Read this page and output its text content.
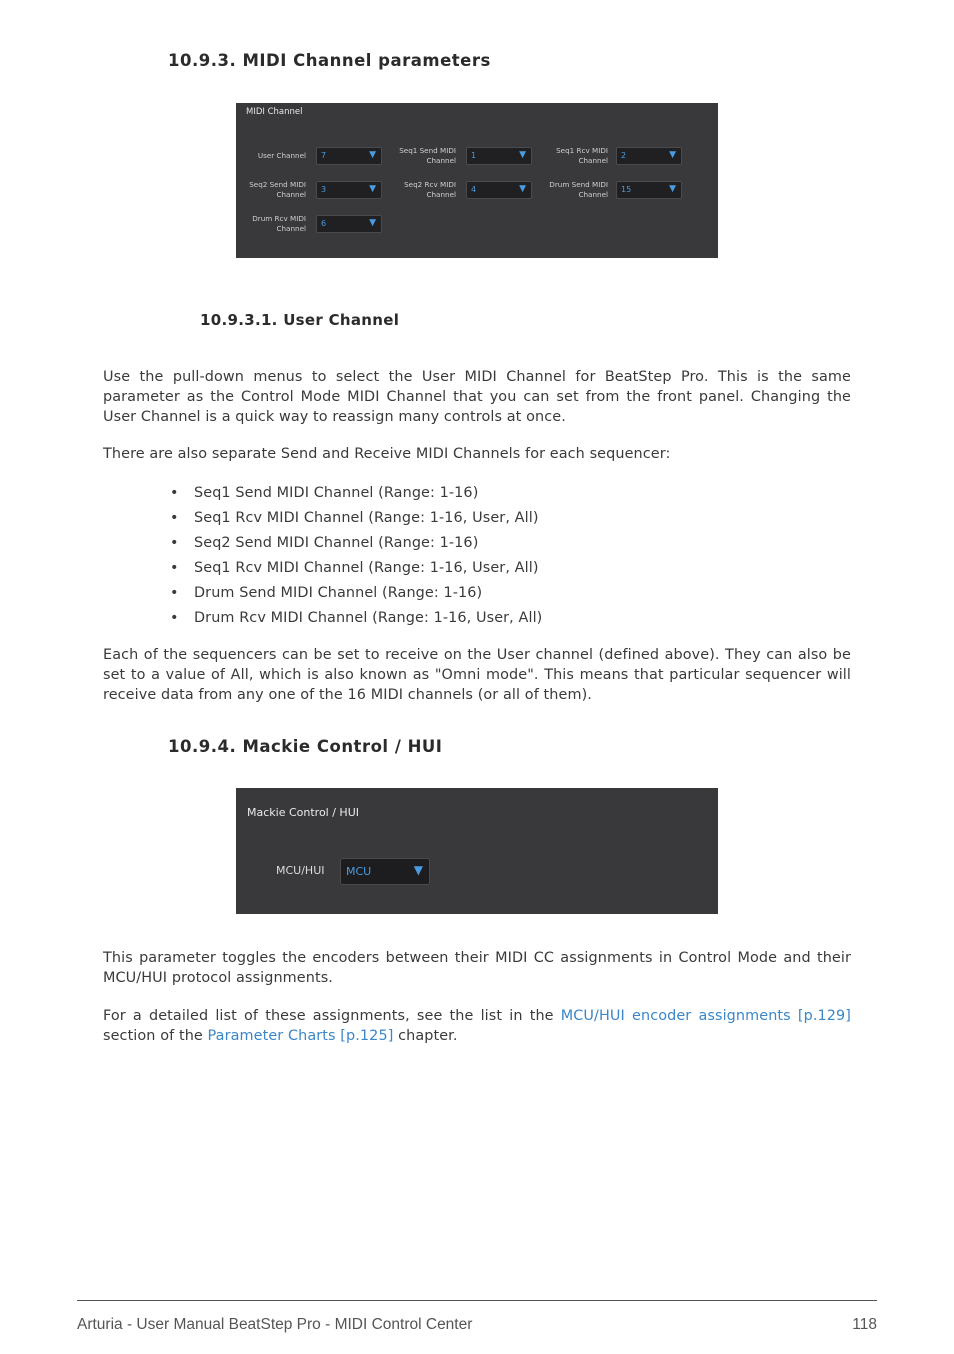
10.9.3. MIDI Channel parameters
MIDI Channel
User Channel 7	▼	Seq1 Send MIDI Channel 1	▼	Seq1 Rcv MIDI Channel 2	▼
Seq2 Send MIDI Channel 3	▼	Seq2 Rcv MIDI Channel 4	▼	Drum Send MIDI Channel 15	▼
Drum Rcv MIDI Channel 6	▼
10.9.3.1. User Channel

Use the pull-down menus to select the User MIDI Channel for BeatStep Pro. This is the same parameter as the Control Mode MIDI Channel that you can set from the front panel. Changing the User Channel is a quick way to reassign many controls at once.

There are also separate Send and Receive MIDI Channels for each sequencer:

• Seq1 Send MIDI Channel (Range: 1-16)
• Seq1 Rcv MIDI Channel (Range: 1-16, User, All)
• Seq2 Send MIDI Channel (Range: 1-16)
• Seq1 Rcv MIDI Channel (Range: 1-16, User, All)
• Drum Send MIDI Channel (Range: 1-16)
• Drum Rcv MIDI Channel (Range: 1-16, User, All)

Each of the sequencers can be set to receive on the User channel (defined above). They can also be set to a value of All, which is also known as "Omni mode". This means that particular sequencer will receive data from any one of the 16 MIDI channels (or all of them).

10.9.4. Mackie Control / HUI
Mackie Control / HUI
MCU/HUI MCU	▼

This parameter toggles the encoders between their MIDI CC assignments in Control Mode and their MCU/HUI protocol assignments.

For a detailed list of these assignments, see the list in the MCU/HUI encoder assignments [p.129] section of the Parameter Charts [p.125] chapter.

Arturia - User Manual BeatStep Pro - MIDI Control Center	118
